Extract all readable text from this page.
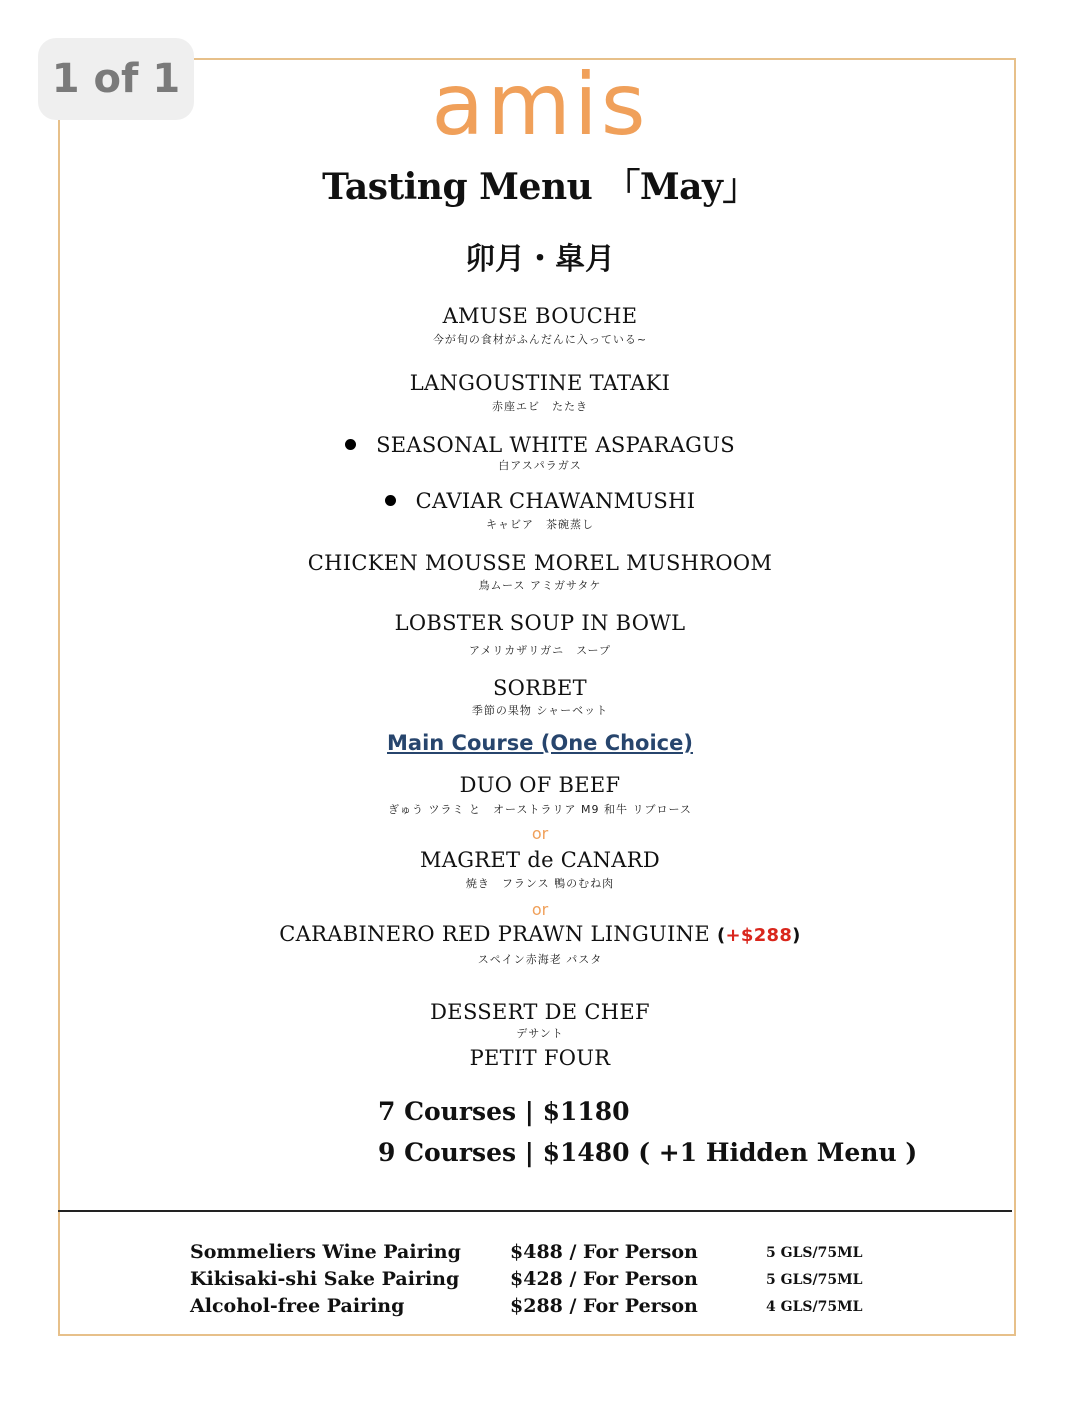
1 of 1	amis
Tasting Menu 「May」
卯月・皐月
AMUSE BOUCHE
今が旬の食材がふんだんに入っている~
LANGOUSTINE TATAKI
赤座エビ　たたき
SEASONAL WHITE ASPARAGUS
白アスパラガス
CAVIAR CHAWANMUSHI
キャビア　茶碗蒸し
CHICKEN MOUSSE MOREL MUSHROOM
鳥ムース アミガサタケ
LOBSTER SOUP IN BOWL
アメリカザリガニ　スープ
SORBET
季節の果物 シャーベット
Main Course (One Choice)
DUO OF BEEF
ぎゅう ツラミ と　オーストラリア M9 和牛 リブロース
or
MAGRET de CANARD
焼き　フランス 鴨のむね肉
or
CARABINERO RED PRAWN LINGUINE (+$288)
スペイン赤海老 パスタ
DESSERT DE CHEF
デサント
PETIT FOUR
7 Courses | $1180
9 Courses | $1480 ( +1 Hidden Menu )
Sommeliers Wine Pairing	$488 / For Person	5 GLS/75ML
Kikisaki-shi Sake Pairing	$428 / For Person	5 GLS/75ML
Alcohol-free Pairing	$288 / For Person	4 GLS/75ML
